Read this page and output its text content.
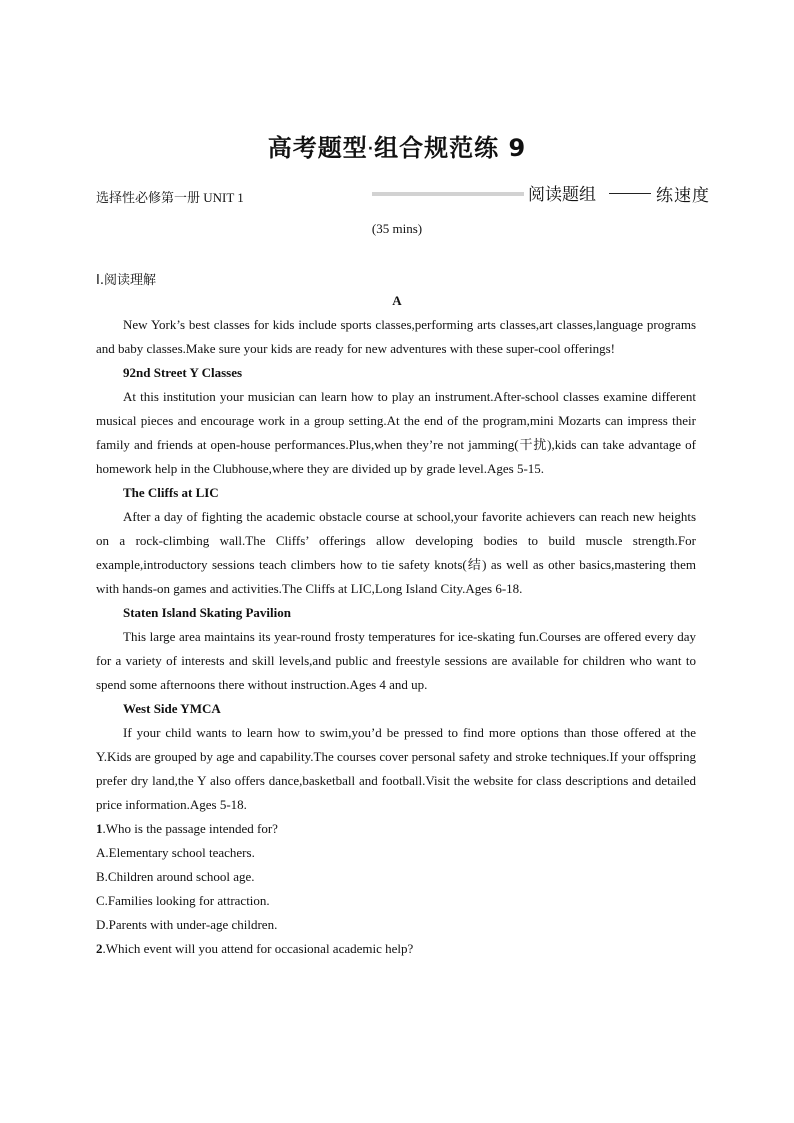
高考题型·组合规范练 9
选择性必修第一册 UNIT 1	阅读题组	练速度
(35 mins)
Ⅰ.阅读理解
A

New York’s best classes for kids include sports classes,performing arts classes,art classes,language programs and baby classes.Make sure your kids are ready for new adventures with these super-cool offerings!

92nd Street Y Classes

At this institution your musician can learn how to play an instrument.After-school classes examine different musical pieces and encourage work in a group setting.At the end of the program,mini Mozarts can impress their family and friends at open-house performances.Plus,when they’re not jamming(干扰),kids can take advantage of homework help in the Clubhouse,where they are divided up by grade level.Ages 5-15.

The Cliffs at LIC

After a day of fighting the academic obstacle course at school,your favorite achievers can reach new heights on a rock-climbing wall.The Cliffs’ offerings allow developing bodies to build muscle strength.For example,introductory sessions teach climbers how to tie safety knots(结) as well as other basics,mastering them with hands-on games and activities.The Cliffs at LIC,Long Island City.Ages 6-18.

Staten Island Skating Pavilion

This large area maintains its year-round frosty temperatures for ice-skating fun.Courses are offered every day for a variety of interests and skill levels,and public and freestyle sessions are available for children who want to spend some afternoons there without instruction.Ages 4 and up.

West Side YMCA

If your child wants to learn how to swim,you’d be pressed to find more options than those offered at the Y.Kids are grouped by age and capability.The courses cover personal safety and stroke techniques.If your offspring prefer dry land,the Y also offers dance,basketball and football.Visit the website for class descriptions and detailed price information.Ages 5-18.

1.Who is the passage intended for?

A.Elementary school teachers.

B.Children around school age.

C.Families looking for attraction.

D.Parents with under-age children.

2.Which event will you attend for occasional academic help?
